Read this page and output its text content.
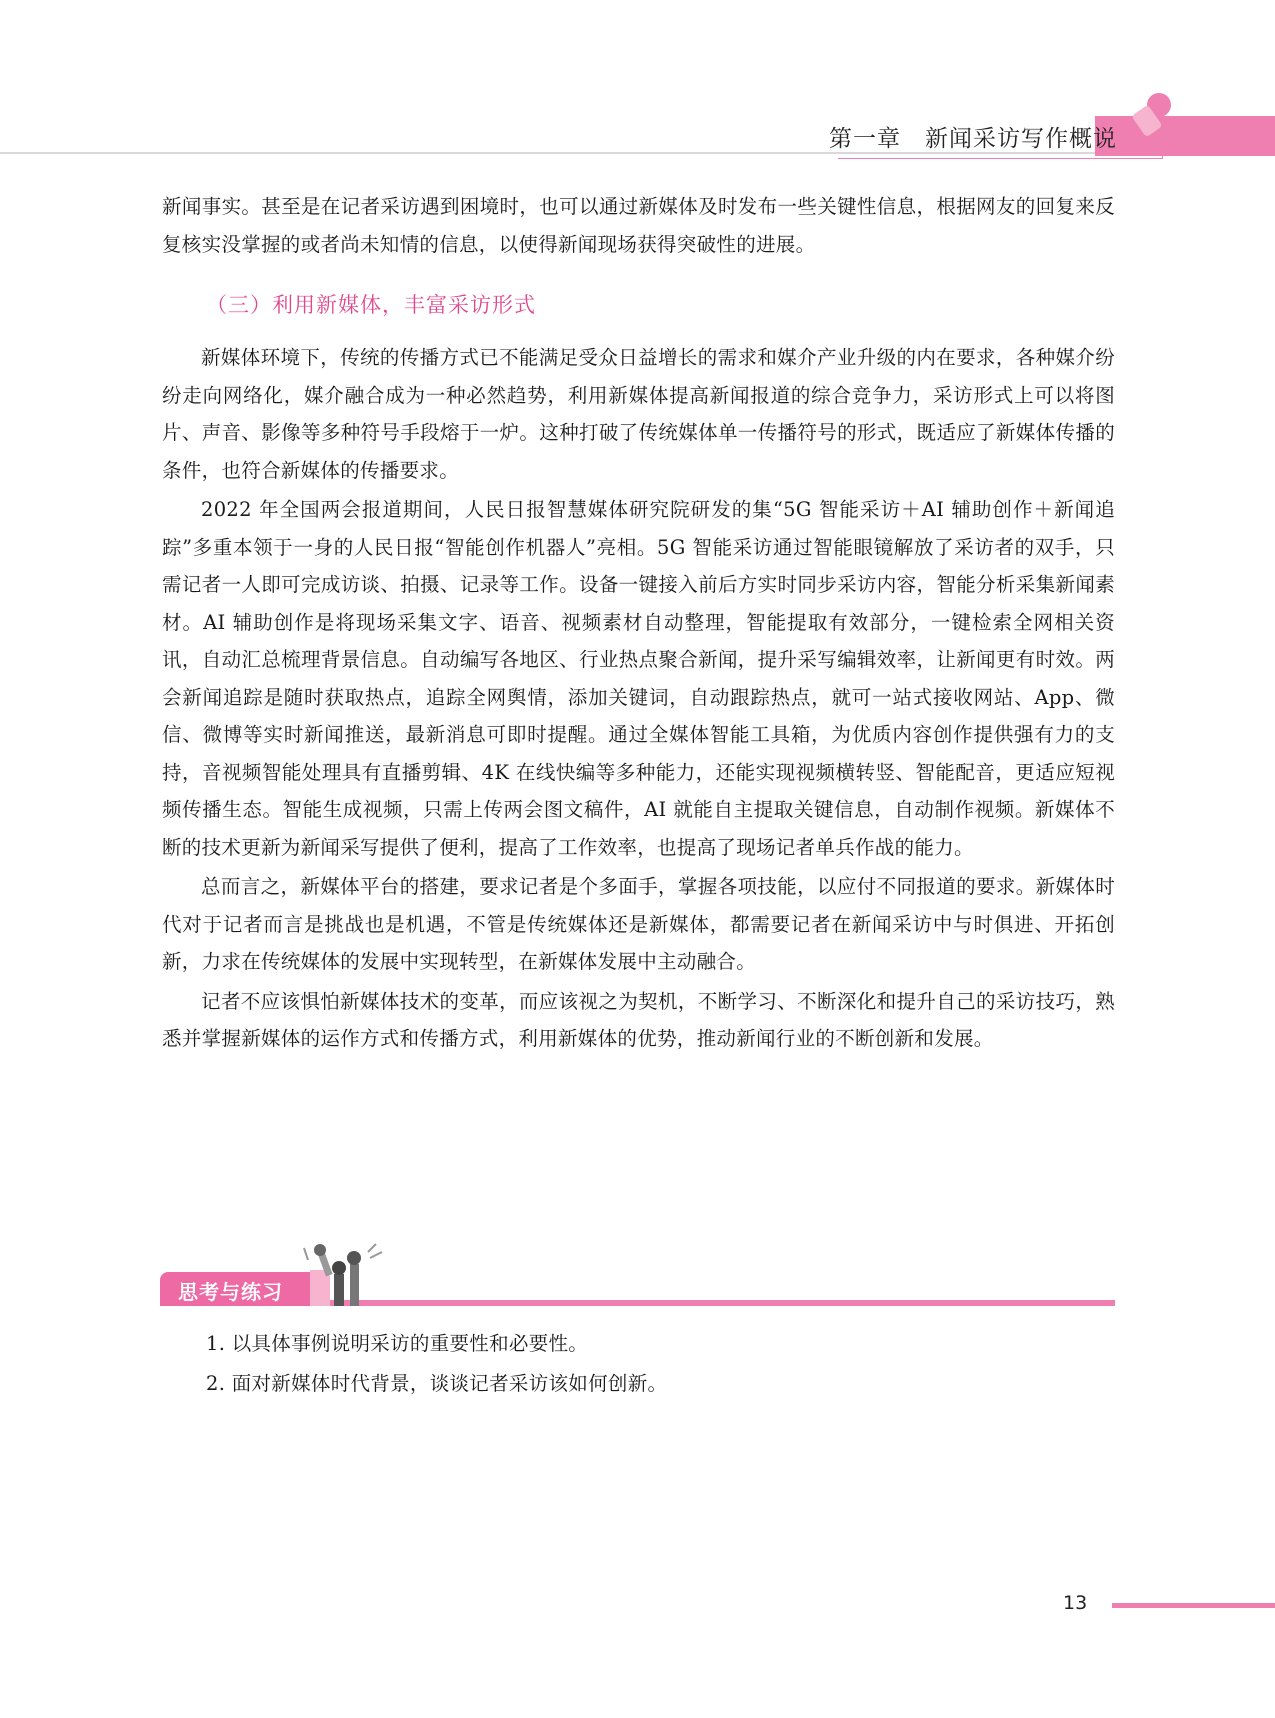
第一章　新闻采访写作概说

新闻事实。甚至是在记者采访遇到困境时，也可以通过新媒体及时发布一些关键性信息，根据网友的回复来反复核实没掌握的或者尚未知情的信息，以使得新闻现场获得突破性的进展。

（三）利用新媒体，丰富采访形式

新媒体环境下，传统的传播方式已不能满足受众日益增长的需求和媒介产业升级的内在要求，各种媒介纷纷走向网络化，媒介融合成为一种必然趋势，利用新媒体提高新闻报道的综合竞争力，采访形式上可以将图片、声音、影像等多种符号手段熔于一炉。这种打破了传统媒体单一传播符号的形式，既适应了新媒体传播的条件，也符合新媒体的传播要求。

2022 年全国两会报道期间，人民日报智慧媒体研究院研发的集“5G 智能采访＋AI 辅助创作＋新闻追踪”多重本领于一身的人民日报“智能创作机器人”亮相。5G 智能采访通过智能眼镜解放了采访者的双手，只需记者一人即可完成访谈、拍摄、记录等工作。设备一键接入前后方实时同步采访内容，智能分析采集新闻素材。AI 辅助创作是将现场采集文字、语音、视频素材自动整理，智能提取有效部分，一键检索全网相关资讯，自动汇总梳理背景信息。自动编写各地区、行业热点聚合新闻，提升采写编辑效率，让新闻更有时效。两会新闻追踪是随时获取热点，追踪全网舆情，添加关键词，自动跟踪热点，就可一站式接收网站、App、微信、微博等实时新闻推送，最新消息可即时提醒。通过全媒体智能工具箱，为优质内容创作提供强有力的支持，音视频智能处理具有直播剪辑、4K 在线快编等多种能力，还能实现视频横转竖、智能配音，更适应短视频传播生态。智能生成视频，只需上传两会图文稿件，AI 就能自主提取关键信息，自动制作视频。新媒体不断的技术更新为新闻采写提供了便利，提高了工作效率，也提高了现场记者单兵作战的能力。

总而言之，新媒体平台的搭建，要求记者是个多面手，掌握各项技能，以应付不同报道的要求。新媒体时代对于记者而言是挑战也是机遇，不管是传统媒体还是新媒体，都需要记者在新闻采访中与时俱进、开拓创新，力求在传统媒体的发展中实现转型，在新媒体发展中主动融合。

记者不应该惧怕新媒体技术的变革，而应该视之为契机，不断学习、不断深化和提升自己的采访技巧，熟悉并掌握新媒体的运作方式和传播方式，利用新媒体的优势，推动新闻行业的不断创新和发展。

思考与练习

1. 以具体事例说明采访的重要性和必要性。

2. 面对新媒体时代背景，谈谈记者采访该如何创新。

13
